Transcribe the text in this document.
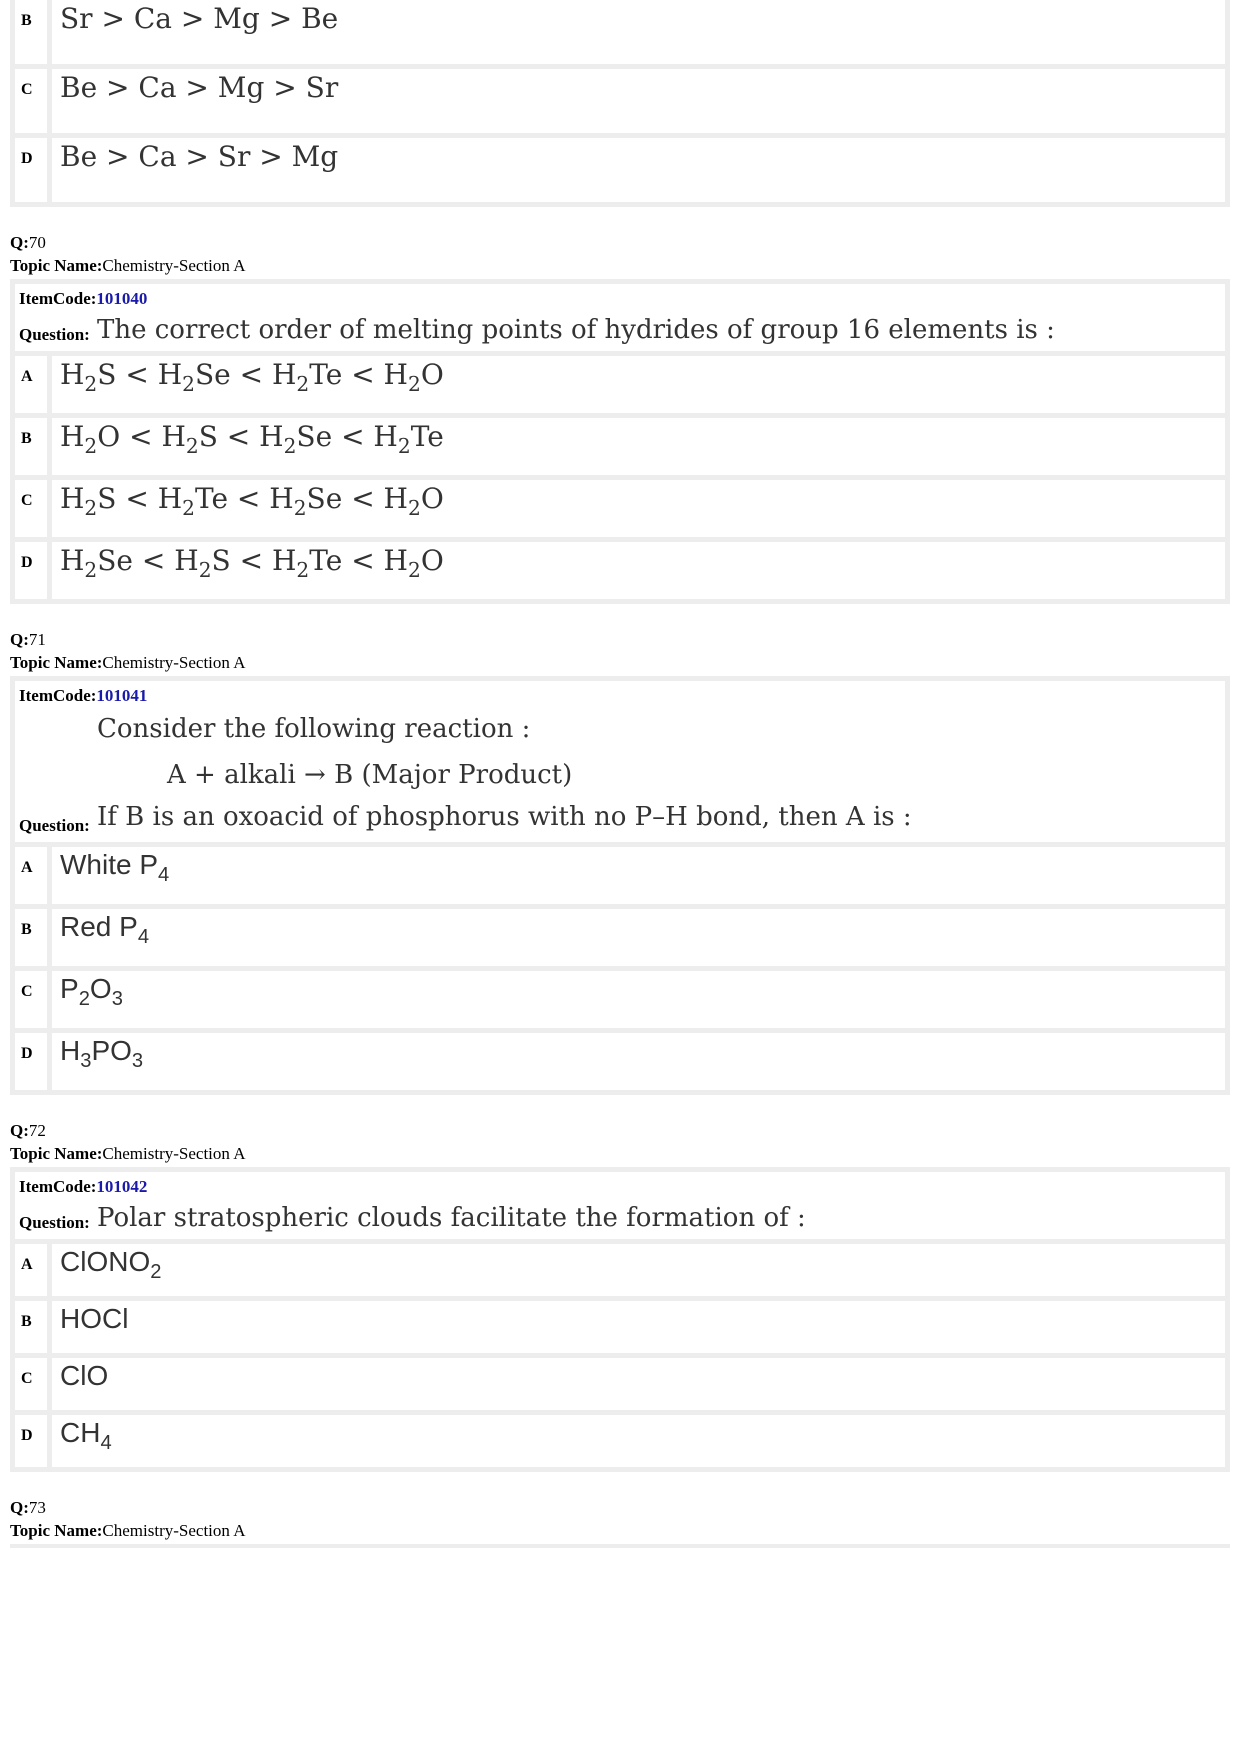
B	Sr > Ca > Mg > Be
C	Be > Ca > Mg > Sr
D	Be > Ca > Sr > Mg
Q:70
Topic Name:Chemistry-Section A
ItemCode:101040
Question: The correct order of melting points of hydrides of group 16 elements is :
A	$H_2S < H_2Se < H_2Te < H_2O$
B	$H_2O < H_2S < H_2Se < H_2Te$
C	$H_2S < H_2Te < H_2Se < H_2O$
D	$H_2Se < H_2S < H_2Te < H_2O$
Q:71
Topic Name:Chemistry-Section A
ItemCode:101041
Question:
Consider the following reaction :
A + alkali → B (Major Product)
If B is an oxoacid of phosphorus with no P–H bond, then A is :
A	White $P_4$
B	Red $P_4$
C	$P_2O_3$
D	$H_3PO_3$
Q:72
Topic Name:Chemistry-Section A
ItemCode:101042
Question: Polar stratospheric clouds facilitate the formation of :
A	ClONO$_2$
B	HOCl
C	ClO
D	$CH_4$
Q:73
Topic Name:Chemistry-Section A
